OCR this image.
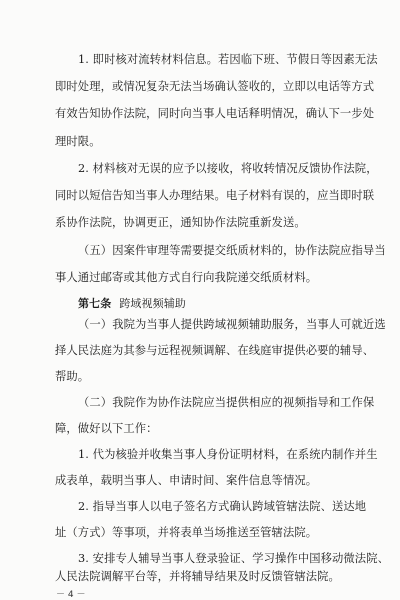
1. 即时核对流转材料信息。若因临下班、节假日等因素无法
即时处理，或情况复杂无法当场确认签收的，立即以电话等方式
有效告知协作法院，同时向当事人电话释明情况，确认下一步处
理时限。
2. 材料核对无误的应予以接收，将收转情况反馈协作法院，
同时以短信告知当事人办理结果。电子材料有误的，应当即时联
系协作法院，协调更正，通知协作法院重新发送。
（五）因案件审理等需要提交纸质材料的，协作法院应指导当
事人通过邮寄或其他方式自行向我院递交纸质材料。
第七条 跨域视频辅助
（一）我院为当事人提供跨域视频辅助服务，当事人可就近选
择人民法庭为其参与远程视频调解、在线庭审提供必要的辅导、
帮助。
（二）我院作为协作法院应当提供相应的视频指导和工作保
障，做好以下工作：
1. 代为核验并收集当事人身份证明材料，在系统内制作并生
成表单，载明当事人、申请时间、案件信息等情况。
2. 指导当事人以电子签名方式确认跨域管辖法院、送达地
址（方式）等事项，并将表单当场推送至管辖法院。
3. 安排专人辅导当事人登录验证、学习操作中国移动微法院、
－ 4 －
人民法院调解平台等，并将辅导结果及时反馈管辖法院。
